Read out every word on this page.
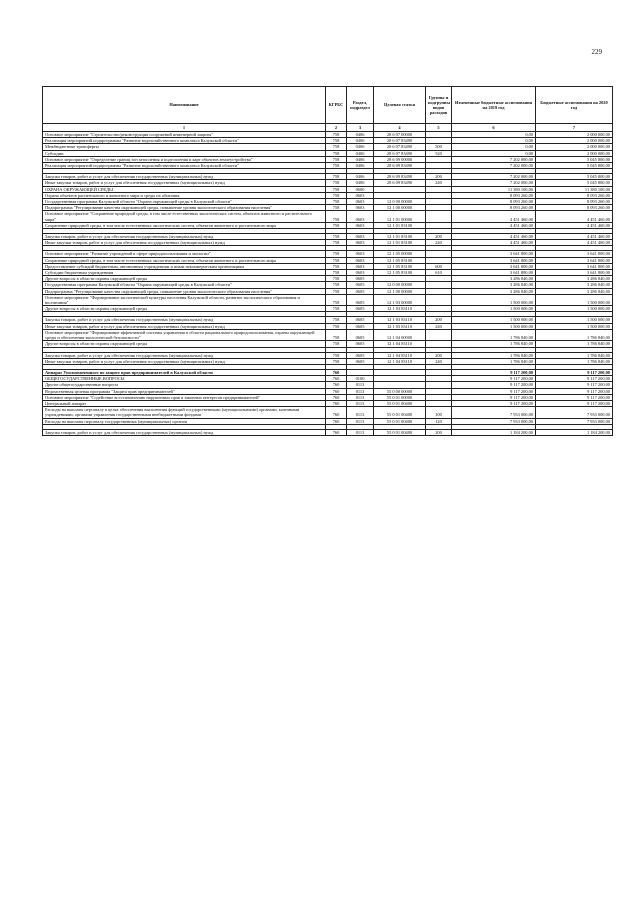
229
Наименование	КГРБС	Раздел, подраздел	Целевая статья	Группы и подгруппы видов расходов	Измененные бюджетные ассигнования на 2019 год	Бюджетные ассигнования на 2020 год
1	2	3	4	5	6	7
Основное мероприятие "Строительство/реконструкция сооружений инженерной защиты"	758	0406	28 6 07 00000		0,00	2 000 000,00
Реализация мероприятий подпрограммы "Развитие водохозяйственного комплекса Калужской области"	758	0406	28 6 07 83490		0,00	2 000 000,00
Межбюджетные трансферты	758	0406	28 6 07 83490	500	0,00	2 000 000,00
Субсидии	758	0406	28 6 07 83490	520	0,00	2 000 000,00
Основное мероприятие "Определение границ зон затопления и подтопления и карт объектов землеустройства"	758	0406	28 6 09 00000		7 202 000,00	5 045 800,00
Реализация мероприятий подпрограммы "Развитие водохозяйственного комплекса Калужской области"	758	0406	28 6 09 83490		7 202 000,00	5 045 800,00

Закупка товаров, работ и услуг для обеспечения государственных (муниципальных) нужд	758	0406	28 6 09 83490	200	7 202 000,00	5 045 800,00
Иные закупки товаров, работ и услуг для обеспечения государственных (муниципальных) нужд	758	0406	28 6 09 83490	240	7 202 000,00	5 045 800,00
ОХРАНА ОКРУЖАЮЩЕЙ СРЕДЫ	758	0600			11 380 100,00	11 380 100,00
Охрана объектов растительного и животного мира и среды их обитания	758	0603			8 093 260,00	8 093 260,00
Государственная программа Калужской области "Охрана окружающей среды в Калужской области"	758	0603	12 0 00 00000		8 093 260,00	8 093 260,00
Подпрограмма "Регулирование качества окружающей среды, повышение уровня экологического образования населения"	758	0603	12 1 00 00000		8 093 260,00	8 093 260,00
Основное мероприятие "Сохранение природной среды, в том числе естественных экологических систем, объектов животного и растительного мира"	758	0603	12 1 01 00000		4 451 460,00	4 451 460,00
Сохранение природной среды, в том числе естественных экологических систем, объектов животного и растительного мира	758	0603	12 1 01 83100		4 451 460,00	4 451 460,00

Закупка товаров, работ и услуг для обеспечения государственных (муниципальных) нужд	758	0603	12 1 01 83100	200	4 451 460,00	4 451 460,00
Иные закупки товаров, работ и услуг для обеспечения государственных (муниципальных) нужд	758	0603	12 1 01 83100	240	4 451 460,00	4 451 460,00

Основное мероприятие "Развитие учреждений в сфере природопользования и экологии"	758	0603	12 1 05 00000		3 641 800,00	3 641 800,00
Сохранение природной среды, в том числе естественных экологических систем, объектов животного и растительного мира	758	0603	12 1 05 83100		3 641 800,00	3 641 800,00
Предоставление субсидий бюджетным, автономным учреждениям и иным некоммерческим организациям	758	0603	12 1 05 83100	600	3 641 800,00	3 641 800,00
Субсидии бюджетным учреждениям	758	0603	12 1 05 83100	610	3 641 800,00	3 641 800,00
Другие вопросы в области охраны окружающей среды	758	0605			3 286 840,00	3 286 840,00
Государственная программа Калужской области "Охрана окружающей среды в Калужской области"	758	0605	12 0 00 00000		3 286 840,00	3 286 840,00
Подпрограмма "Регулирование качества окружающей среды, повышение уровня экологического образования населения"	758	0605	12 1 00 00000		3 286 840,00	3 286 840,00
Основное мероприятие "Формирование экологической культуры населения Калужской области, развитие экологического образования и воспитания"	758	0605	12 1 03 00000		1 500 000,00	1 500 000,00
Другие вопросы в области охраны окружающей среды	758	0605	12 1 03 83110		1 500 000,00	1 500 000,00

Закупка товаров, работ и услуг для обеспечения государственных (муниципальных) нужд	758	0605	12 1 03 83110	200	1 500 000,00	1 500 000,00
Иные закупки товаров, работ и услуг для обеспечения государственных (муниципальных) нужд	758	0605	12 1 03 83110	240	1 500 000,00	1 500 000,00
Основное мероприятие "Формирование эффективной системы управления в области рационального природопользования, охраны окружающей среды и обеспечения экологической безопасности"	758	0605	12 1 04 00000		1 786 840,00	1 786 840,00
Другие вопросы в области охраны окружающей среды	758	0605	12 1 04 83110		1 786 840,00	1 786 840,00

Закупка товаров, работ и услуг для обеспечения государственных (муниципальных) нужд	758	0605	12 1 04 83110	200	1 786 840,00	1 786 840,00
Иные закупки товаров, работ и услуг для обеспечения государственных (муниципальных) нужд	758	0605	12 1 04 83110	240	1 786 840,00	1 786 840,00

Аппарат Уполномоченного по защите прав предпринимателей в Калужской области	760				9 117 200,00	9 117 200,00
ОБЩЕГОСУДАРСТВЕННЫЕ ВОПРОСЫ	760	0100			9 117 200,00	9 117 200,00
Другие общегосударственные вопросы	760	0113			9 117 200,00	9 117 200,00
Ведомственная целевая программа "Защита прав предпринимателей"	760	0113	55 0 00 00000		9 117 200,00	9 117 200,00
Основное мероприятие "Содействие восстановлению нарушенных прав и законных интересов предпринимателей"	760	0113	55 0 01 00000		9 117 200,00	9 117 200,00
Центральный аппарат	760	0113	55 0 01 00400		9 117 200,00	9 117 200,00
Расходы на выплаты персоналу в целях обеспечения выполнения функций государственными (муниципальными) органами, казенными учреждениями, органами управления государственными внебюджетными фондами	760	0113	55 0 01 00400	100	7 933 000,00	7 933 000,00
Расходы на выплаты персоналу государственных (муниципальных) органов	760	0113	55 0 01 00400	120	7 933 000,00	7 933 000,00

Закупка товаров, работ и услуг для обеспечения государственных (муниципальных) нужд	760	0113	55 0 01 00400	200	1 184 200,00	1 184 200,00
